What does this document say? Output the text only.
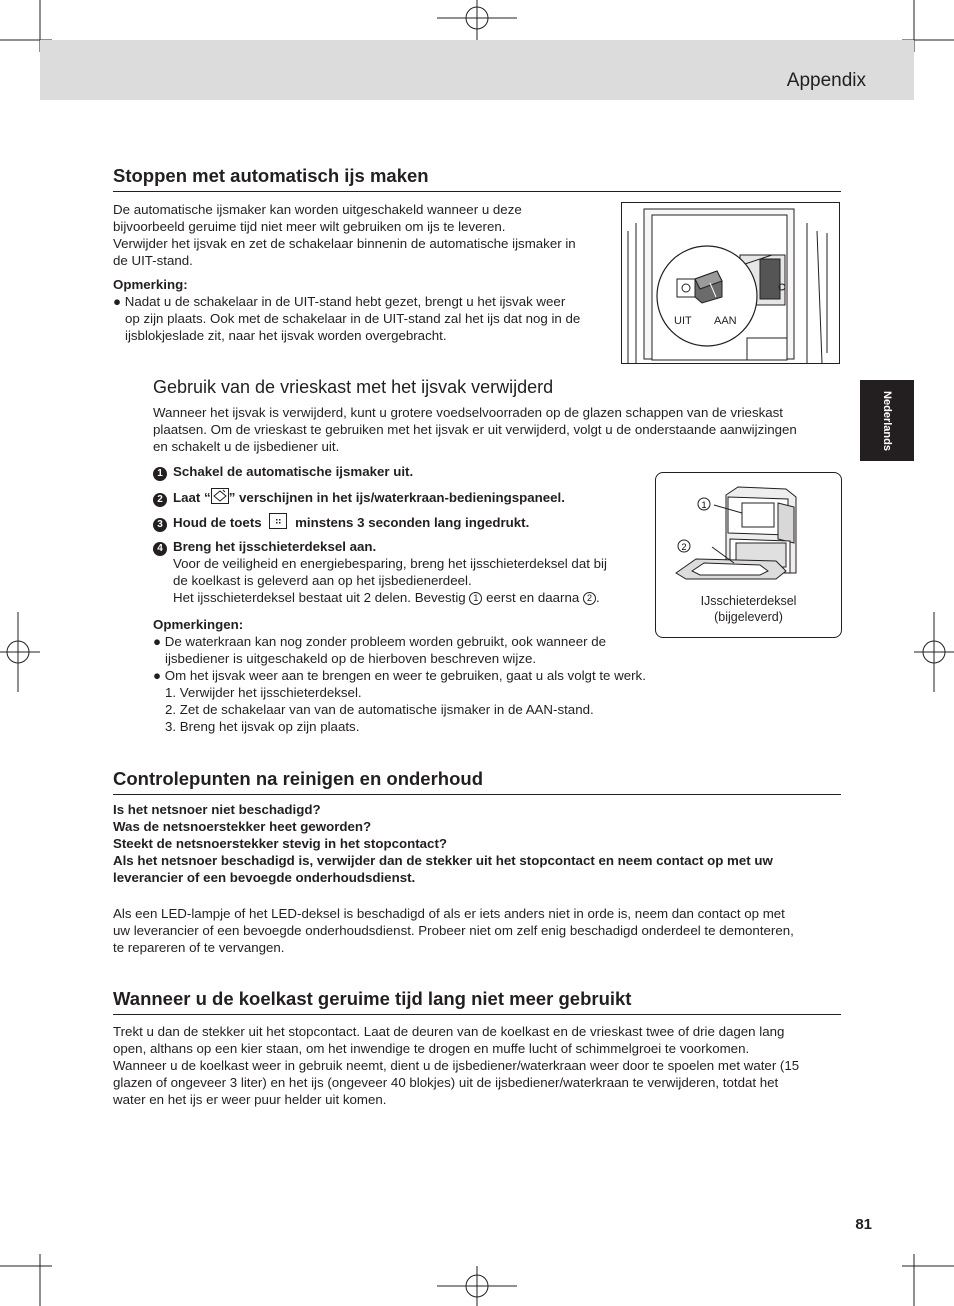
Appendix
Nederlands
Stoppen met automatisch ijs maken
De automatische ijsmaker kan worden uitgeschakeld wanneer u deze
bijvoorbeeld geruime tijd niet meer wilt gebruiken om ijs te leveren.
Verwijder het ijsvak en zet de schakelaar binnenin de automatische ijsmaker in
de UIT-stand.
Opmerking:
● Nadat u de schakelaar in de UIT-stand hebt gezet, brengt u het ijsvak weer
op zijn plaats. Ook met de schakelaar in de UIT-stand zal het ijs dat nog in de
ijsblokjeslade zit, naar het ijsvak worden overgebracht.
UIT AAN
Gebruik van de vrieskast met het ijsvak verwijderd
Wanneer het ijsvak is verwijderd, kunt u grotere voedselvoorraden op de glazen schappen van de vrieskast
plaatsen. Om de vrieskast te gebruiken met het ijsvak er uit verwijderd, volgt u de onderstaande aanwijzingen
en schakelt u de ijsbediener uit.
1 Schakel de automatische ijsmaker uit.
2 Laat “ ” verschijnen in het ijs/waterkraan-bedieningspaneel.
3 Houd de toets	minstens 3 seconden lang ingedrukt.
4 Breng het ijsschieterdeksel aan.
Voor de veiligheid en energiebesparing, breng het ijsschieterdeksel dat bij
de koelkast is geleverd aan op het ijsbedienerdeel.
Het ijsschieterdeksel bestaat uit 2 delen. Bevestig 1 eerst en daarna 2 .
Opmerkingen:
● De waterkraan kan nog zonder probleem worden gebruikt, ook wanneer de
ijsbediener is uitgeschakeld op de hierboven beschreven wijze.
● Om het ijsvak weer aan te brengen en weer te gebruiken, gaat u als volgt te werk.
1. Verwijder het ijsschieterdeksel.
2. Zet de schakelaar van van de automatische ijsmaker in de AAN-stand.
3. Breng het ijsvak op zijn plaats.
1
2
IJsschieterdeksel
(bijgeleverd)
Controlepunten na reinigen en onderhoud
Is het netsnoer niet beschadigd?
Was de netsnoerstekker heet geworden?
Steekt de netsnoerstekker stevig in het stopcontact?
Als het netsnoer beschadigd is, verwijder dan de stekker uit het stopcontact en neem contact op met uw
leverancier of een bevoegde onderhoudsdienst.
Als een LED-lampje of het LED-deksel is beschadigd of als er iets anders niet in orde is, neem dan contact op met
uw leverancier of een bevoegde onderhoudsdienst. Probeer niet om zelf enig beschadigd onderdeel te demonteren,
te repareren of te vervangen.
Wanneer u de koelkast geruime tijd lang niet meer gebruikt
Trekt u dan de stekker uit het stopcontact. Laat de deuren van de koelkast en de vrieskast twee of drie dagen lang
open, althans op een kier staan, om het inwendige te drogen en muffe lucht of schimmelgroei te voorkomen.
Wanneer u de koelkast weer in gebruik neemt, dient u de ijsbediener/waterkraan weer door te spoelen met water (15
glazen of ongeveer 3 liter) en het ijs (ongeveer 40 blokjes) uit de ijsbediener/waterkraan te verwijderen, totdat het
water en het ijs er weer puur helder uit komen.
81
